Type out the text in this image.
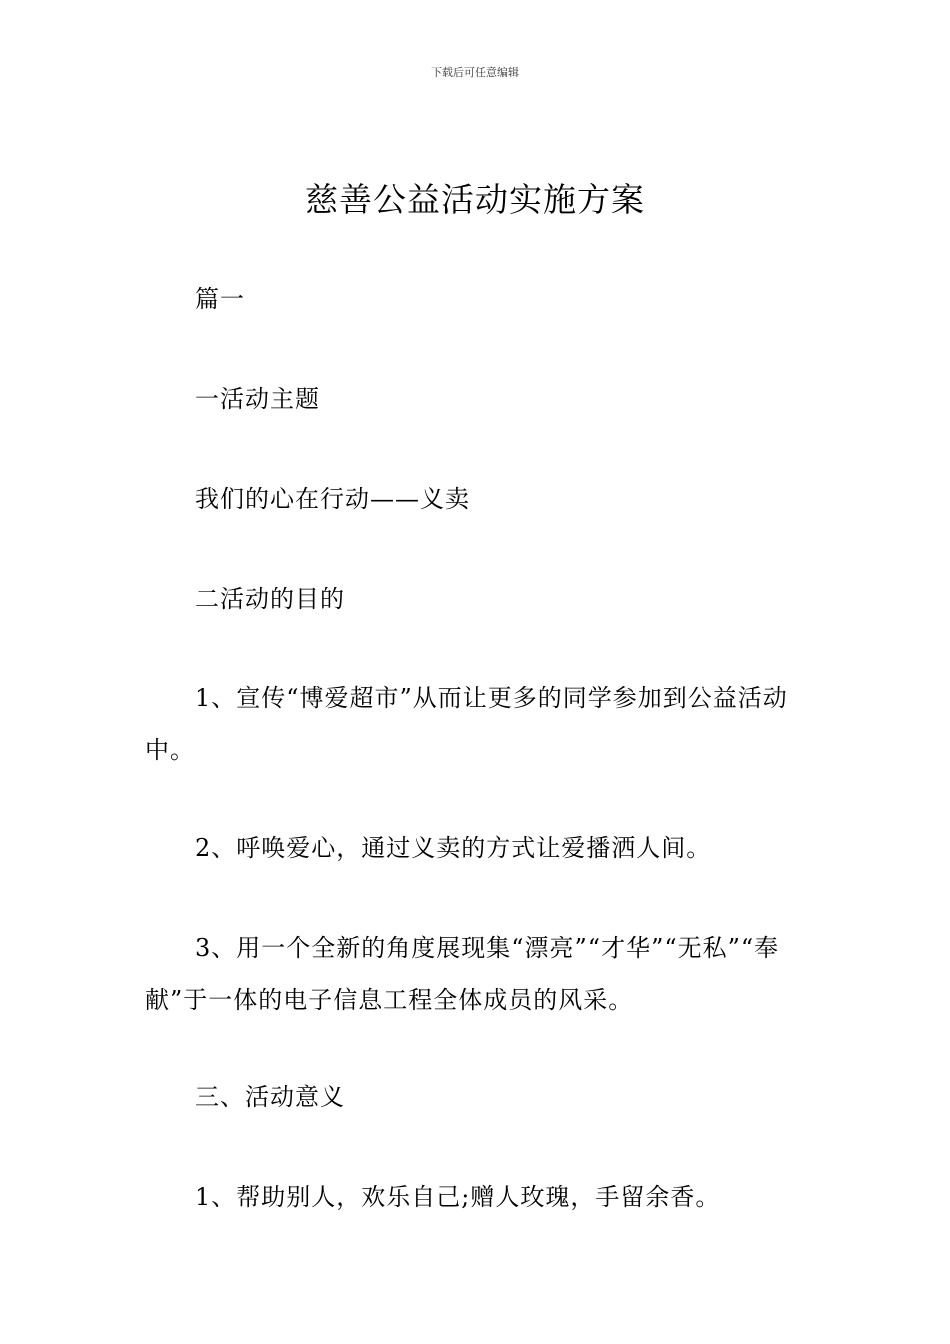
下载后可任意编辑
慈善公益活动实施方案

篇一

一活动主题

我们的心在行动——义卖

二活动的目的

1、宣传“博爱超市”从而让更多的同学参加到公益活动中。

2、呼唤爱心，通过义卖的方式让爱播洒人间。

3、用一个全新的角度展现集“漂亮”“才华”“无私”“奉献”于一体的电子信息工程全体成员的风采。

三、活动意义

1、帮助别人，欢乐自己;赠人玫瑰，手留余香。
